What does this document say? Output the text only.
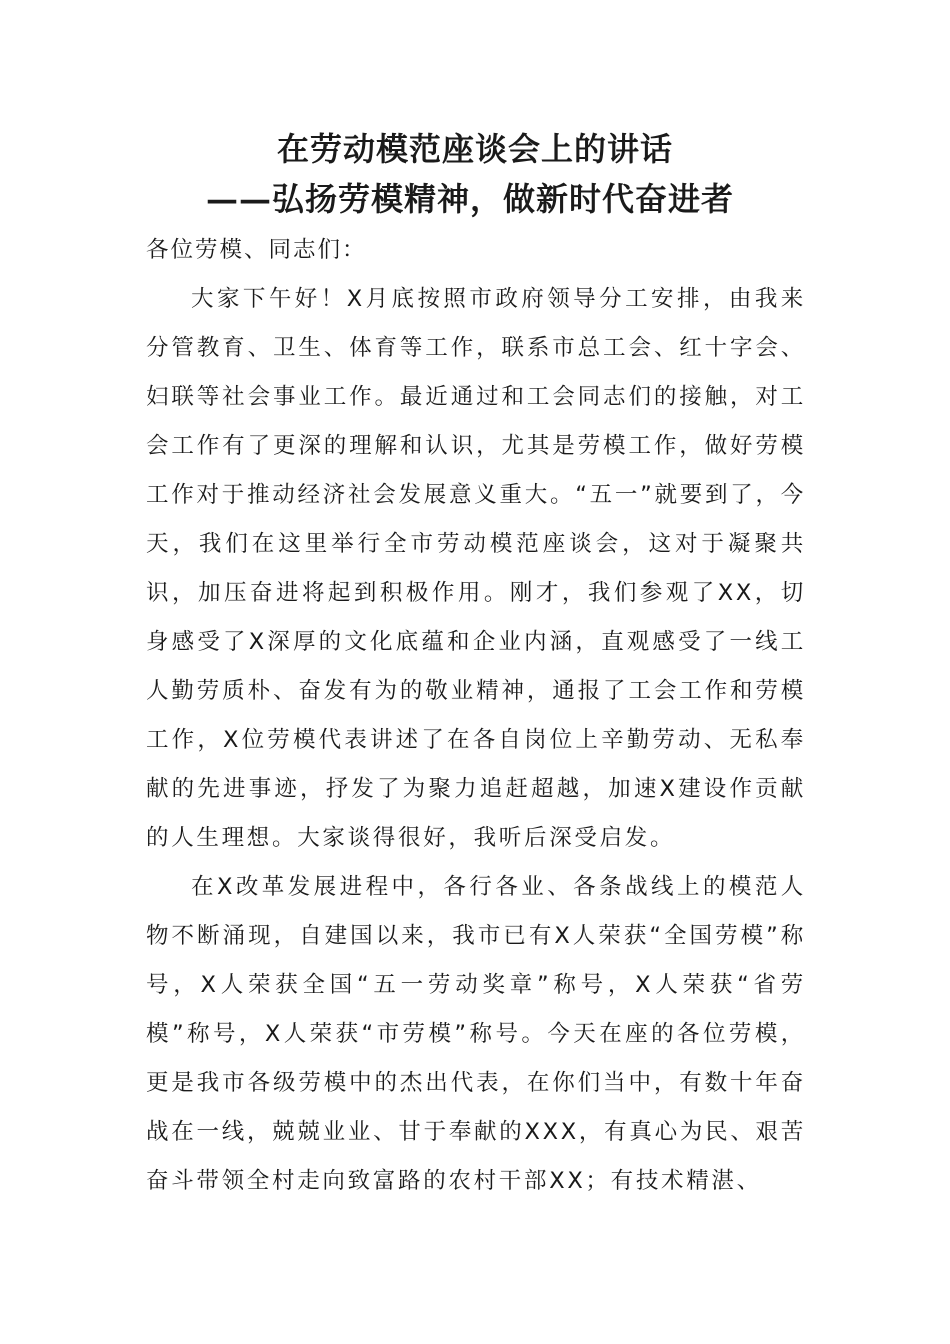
在劳动模范座谈会上的讲话
——弘扬劳模精神，做新时代奋进者
各位劳模、同志们：

大家下午好！X月底按照市政府领导分工安排，由我来分管教育、卫生、体育等工作，联系市总工会、红十字会、妇联等社会事业工作。最近通过和工会同志们的接触，对工会工作有了更深的理解和认识，尤其是劳模工作，做好劳模工作对于推动经济社会发展意义重大。“五一”就要到了，今天，我们在这里举行全市劳动模范座谈会，这对于凝聚共识，加压奋进将起到积极作用。刚才，我们参观了XX，切身感受了X深厚的文化底蕴和企业内涵，直观感受了一线工人勤劳质朴、奋发有为的敬业精神，通报了工会工作和劳模工作，X位劳模代表讲述了在各自岗位上辛勤劳动、无私奉献的先进事迹，抒发了为聚力追赶超越，加速X建设作贡献的人生理想。大家谈得很好，我听后深受启发。

在X改革发展进程中，各行各业、各条战线上的模范人物不断涌现，自建国以来，我市已有X人荣获“全国劳模”称号，X人荣获全国“五一劳动奖章”称号，X人荣获“省劳模”称号，X人荣获“市劳模”称号。今天在座的各位劳模，更是我市各级劳模中的杰出代表，在你们当中，有数十年奋战在一线，兢兢业业、甘于奉献的XXX，有真心为民、艰苦奋斗带领全村走向致富路的农村干部XX；有技术精湛、
